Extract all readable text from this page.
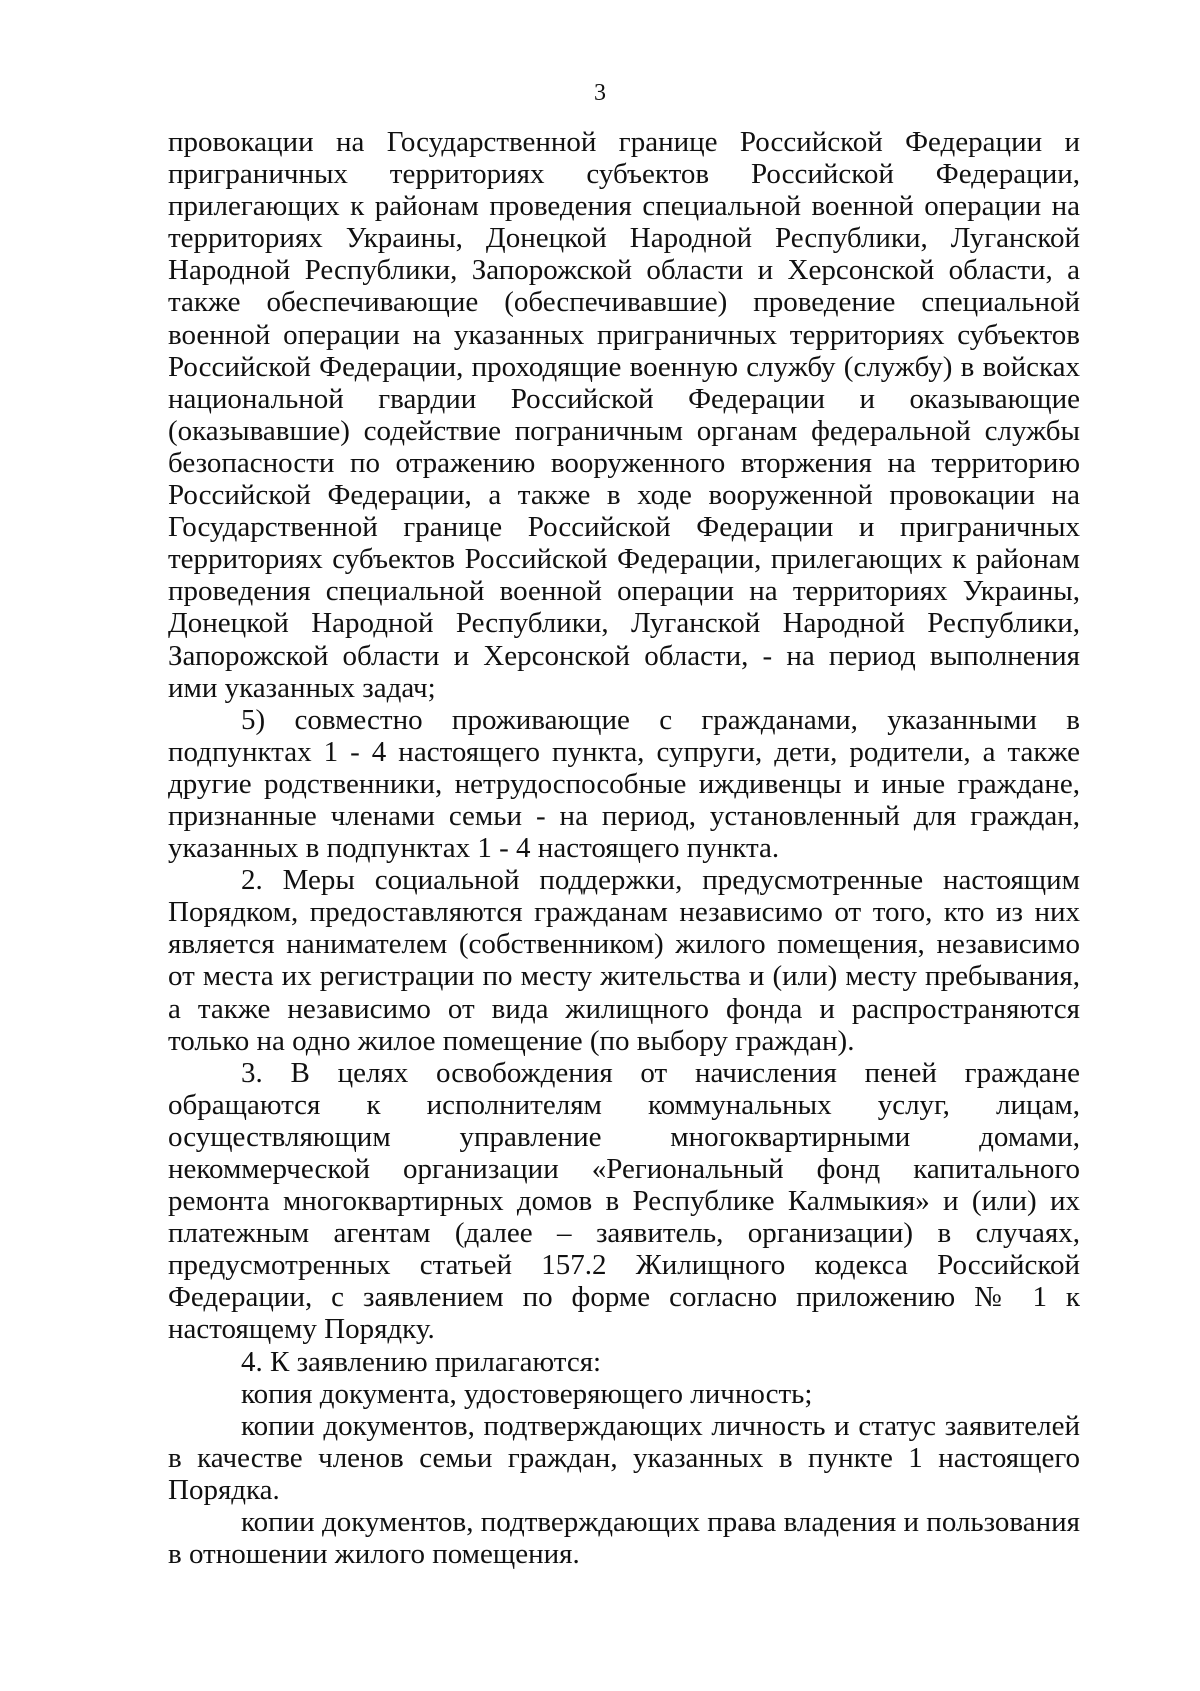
3

провокации на Государственной границе Российской Федерации и приграничных территориях субъектов Российской Федерации, прилегающих к районам проведения специальной военной операции на территориях Украины, Донецкой Народной Республики, Луганской Народной Республики, Запорожской области и Херсонской области, а также обеспечивающие (обеспечивавшие) проведение специальной военной операции на указанных приграничных территориях субъектов Российской Федерации, проходящие военную службу (службу) в войсках национальной гвардии Российской Федерации и оказывающие (оказывавшие) содействие пограничным органам федеральной службы безопасности по отражению вооруженного вторжения на территорию Российской Федерации, а также в ходе вооруженной провокации на Государственной границе Российской Федерации и приграничных территориях субъектов Российской Федерации, прилегающих к районам проведения специальной военной операции на территориях Украины, Донецкой Народной Республики, Луганской Народной Республики, Запорожской области и Херсонской области, - на период выполнения ими указанных задач;

5) совместно проживающие с гражданами, указанными в подпунктах 1 - 4 настоящего пункта, супруги, дети, родители, а также другие родственники, нетрудоспособные иждивенцы и иные граждане, признанные членами семьи - на период, установленный для граждан, указанных в подпунктах 1 - 4 настоящего пункта.

2. Меры социальной поддержки, предусмотренные настоящим Порядком, предоставляются гражданам независимо от того, кто из них является нанимателем (собственником) жилого помещения, независимо от места их регистрации по месту жительства и (или) месту пребывания, а также независимо от вида жилищного фонда и распространяются только на одно жилое помещение (по выбору граждан).

3. В целях освобождения от начисления пеней граждане обращаются к исполнителям коммунальных услуг, лицам, осуществляющим управление многоквартирными домами, некоммерческой организации «Региональный фонд капитального ремонта многоквартирных домов в Республике Калмыкия» и (или) их платежным агентам (далее – заявитель, организации) в случаях, предусмотренных статьей 157.2 Жилищного кодекса Российской Федерации, с заявлением по форме согласно приложению № 1 к настоящему Порядку.

4. К заявлению прилагаются:

копия документа, удостоверяющего личность;

копии документов, подтверждающих личность и статус заявителей в качестве членов семьи граждан, указанных в пункте 1 настоящего Порядка.

копии документов, подтверждающих права владения и пользования в отношении жилого помещения.
